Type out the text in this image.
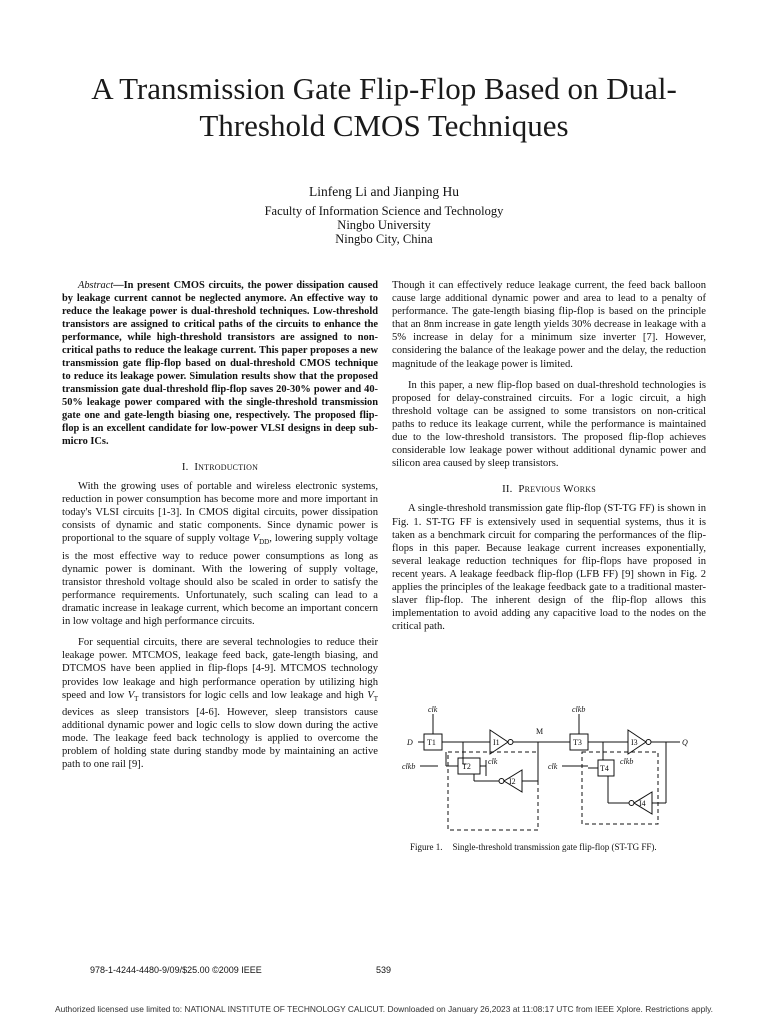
A Transmission Gate Flip-Flop Based on Dual-
Threshold CMOS Techniques
Linfeng Li and Jianping Hu
Faculty of Information Science and Technology
Ningbo University
Ningbo City, China

Abstract—In present CMOS circuits, the power dissipation caused by leakage current cannot be neglected anymore. An effective way to reduce the leakage power is dual-threshold techniques. Low-threshold transistors are assigned to critical paths of the circuits to enhance the performance, while high-threshold transistors are assigned to non-critical paths to reduce the leakage current. This paper proposes a new transmission gate flip-flop based on dual-threshold CMOS technique to reduce its leakage power. Simulation results show that the proposed transmission gate dual-threshold flip-flop saves 20-30% power and 40-50% leakage power compared with the single-threshold transmission gate one and gate-length biasing one, respectively. The proposed flip-flop is an excellent candidate for low-power VLSI designs in deep sub-micro ICs.

I. Introduction

With the growing uses of portable and wireless electronic systems, reduction in power consumption has become more and more important in today's VLSI circuits [1-3]. In CMOS digital circuits, power dissipation consists of dynamic and static components. Since dynamic power is proportional to the square of supply voltage $V_{DD}$, lowering supply voltage is the most effective way to reduce power consumptions as long as dynamic power is dominant. With the lowering of supply voltage, transistor threshold voltage should also be scaled in order to satisfy the performance requirements. Unfortunately, such scaling can lead to a dramatic increase in leakage current, which become an important concern in low voltage and high performance circuits.

For sequential circuits, there are several technologies to reduce their leakage power. MTCMOS, leakage feed back, gate-length biasing, and DTCMOS have been applied in flip-flops [4-9]. MTCMOS technology provides low leakage and high performance operation by utilizing high speed and low $V_T$ transistors for logic cells and low leakage and high $V_T$ devices as sleep transistors [4-6]. However, sleep transistors cause additional dynamic power and logic cells to slow down during the active mode. The leakage feed back technology is applied to overcome the problem of holding state during standby mode by maintaining an active path to one rail [9].

Though it can effectively reduce leakage current, the feed back balloon cause large additional dynamic power and area to lead to a penalty of performance. The gate-length biasing flip-flop is based on the principle that an 8nm increase in gate length yields 30% decrease in leakage with a 5% increase in delay for a minimum size inverter [7]. However, considering the balance of the leakage power and the delay, the reduction magnitude of the leakage power is limited.

In this paper, a new flip-flop based on dual-threshold technologies is proposed for delay-constrained circuits. For a logic circuit, a high threshold voltage can be assigned to some transistors on non-critical paths to reduce its leakage current, while the performance is maintained due to the low-threshold transistors. The proposed flip-flop achieves considerable low leakage power without additional dynamic power and silicon area caused by sleep transistors.

II. Previous Works

A single-threshold transmission gate flip-flop (ST-TG FF) is shown in Fig. 1. ST-TG FF is extensively used in sequential systems, thus it is taken as a benchmark circuit for comparing the performances of the flip-flops in this paper. Because leakage current increases exponentially, several leakage reduction techniques for flip-flops have proposed in recent years. A leakage feedback flip-flop (LFB FF) [9] shown in Fig. 2 applies the principles of the leakage feedback gate to a traditional master-slaver flip-flop. The inherent design of the flip-flop allows this implementation to avoid adding any capacitive load to the nodes on the critical path.

clk	clkb
D
M
Q
clkb
clk
clk
clkb
T1
T2
T3
T4
I1
I2
I3
I4
Figure 1. Single-threshold transmission gate flip-flop (ST-TG FF).
978-1-4244-4480-9/09/$25.00 ©2009 IEEE	539
Authorized licensed use limited to: NATIONAL INSTITUTE OF TECHNOLOGY CALICUT. Downloaded on January 26,2023 at 11:08:17 UTC from IEEE Xplore. Restrictions apply.
